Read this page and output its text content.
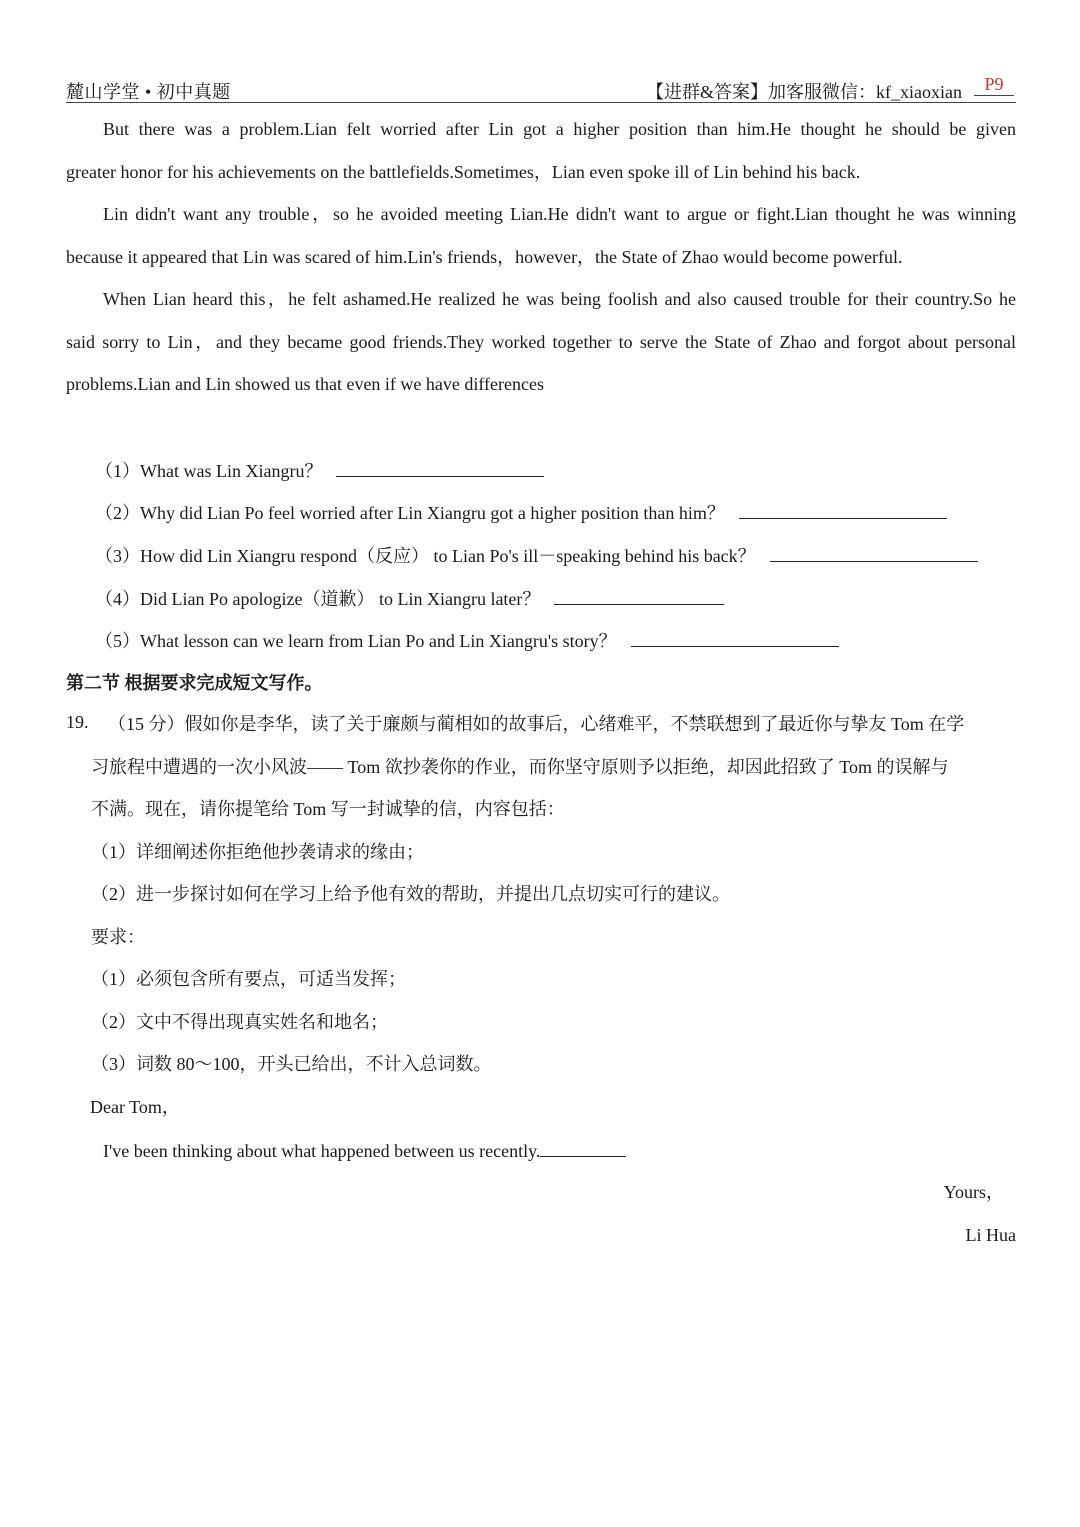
麓山学堂 • 初中真题	【进群&答案】加客服微信：kf_xiaoxian	P9
But there was a problem.Lian felt worried after Lin got a higher position than him.He thought he should be given
greater honor for his achievements on the battlefields.Sometimes，Lian even spoke ill of Lin behind his back.
Lin didn't want any trouble，so he avoided meeting Lian.He didn't want to argue or fight.Lian thought he was winning
because it appeared that Lin was scared of him.Lin's friends，however，the State of Zhao would become powerful.
When Lian heard this，he felt ashamed.He realized he was being foolish and also caused trouble for their country.So he
said sorry to Lin，and they became good friends.They worked together to serve the State of Zhao and forgot about personal
problems.Lian and Lin showed us that even if we have differences
（1）What was Lin Xiangru？
（2）Why did Lian Po feel worried after Lin Xiangru got a higher position than him？
（3）How did Lin Xiangru respond（反应） to Lian Po's ill－speaking behind his back？
（4）Did Lian Po apologize（道歉） to Lin Xiangru later？
（5）What lesson can we learn from Lian Po and Lin Xiangru's story？
第二节 根据要求完成短文写作。
19. （15 分）假如你是李华，读了关于廉颇与蔺相如的故事后，心绪难平，不禁联想到了最近你与挚友 Tom 在学
习旅程中遭遇的一次小风波—— Tom 欲抄袭你的作业，而你坚守原则予以拒绝，却因此招致了 Tom 的误解与
不满。现在，请你提笔给 Tom 写一封诚挚的信，内容包括：
（1）详细阐述你拒绝他抄袭请求的缘由；
（2）进一步探讨如何在学习上给予他有效的帮助，并提出几点切实可行的建议。
要求：
（1）必须包含所有要点，可适当发挥；
（2）文中不得出现真实姓名和地名；
（3）词数 80～100，开头已给出，不计入总词数。
Dear Tom，
I've been thinking about what happened between us recently.
Yours，
Li Hua
